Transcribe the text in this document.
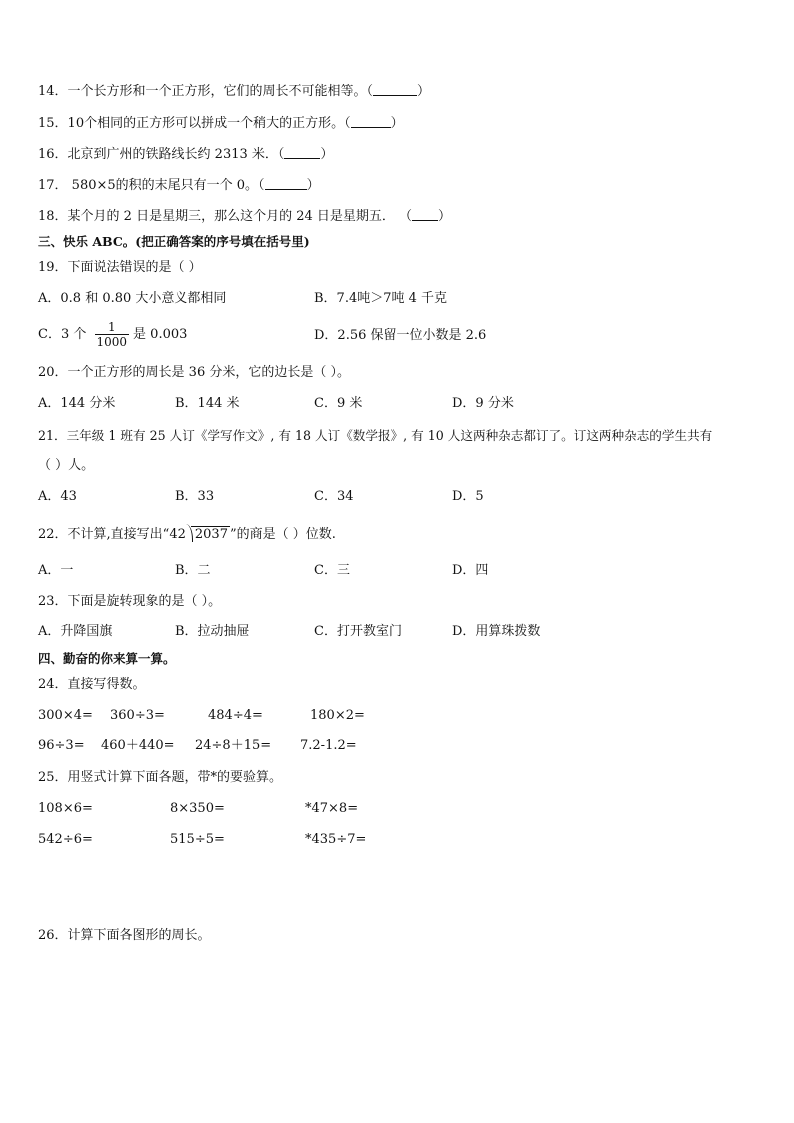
14．一个长方形和一个正方形，它们的周长不可能相等。（	）
15．10个相同的正方形可以拼成一个稍大的正方形。（	）
16．北京到广州的铁路线长约 2313 米．（	）
17． 580×5的积的末尾只有一个 0。（	）
18．某个月的 2 日是星期三，那么这个月的 24 日是星期五． （ ）
三、快乐 ABC。(把正确答案的序号填在括号里)
19．下面说法错误的是（ ）
A．0.8 和 0.80 大小意义都相同	B．7.4吨＞7吨 4 千克
C．3 个 $\frac{1}{1000}$ 是 0.003	D．2.56 保留一位小数是 2.6
20．一个正方形的周长是 36 分米，它的边长是（ ）。
A．144 分米	B．144 米	C．9 米	D．9 分米
21．三年级 1 班有 25 人订《学写作文》, 有 18 人订《数学报》, 有 10 人这两种杂志都订了。订这两种杂志的学生共有
（ ）人。
A．43	B．33	C．34	D．5
22．不计算,直接写出“42 2037 ”的商是（ ）位数.
A．一	B．二	C．三	D．四
23．下面是旋转现象的是（ ）。
A．升降国旗	B．拉动抽屉	C．打开教室门	D．用算珠拨数
四、勤奋的你来算一算。
24．直接写得数。
300×4= 360÷3=	484÷4=	180×2=
96÷3= 460＋440= 24÷8＋15= 7.2-1.2=
25．用竖式计算下面各题，带*的要验算。
108×6=	8×350=	*47×8=
542÷6=	515÷5=	*435÷7=
26．计算下面各图形的周长。
